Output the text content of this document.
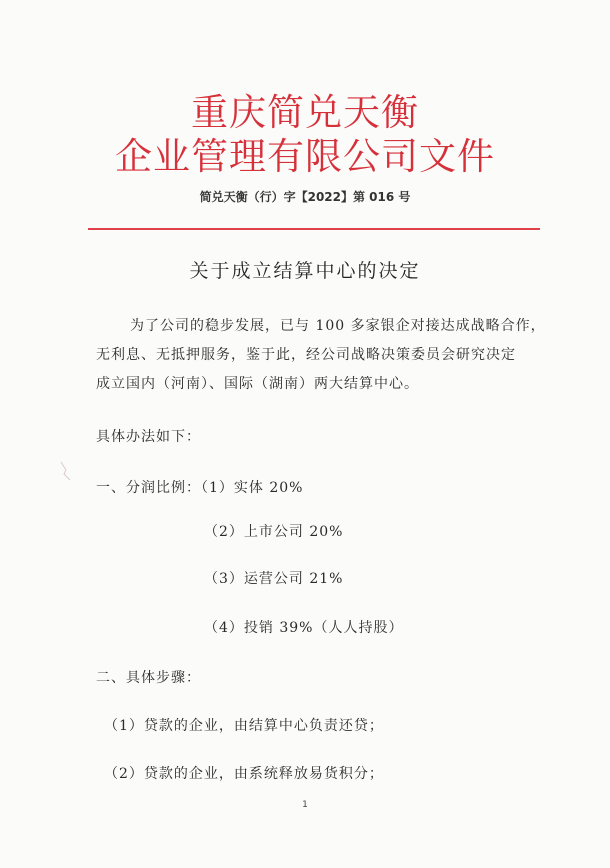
重庆简兑天衡
企业管理有限公司文件
简兑天衡（行）字【2022】第 016 号
关于成立结算中心的决定
为了公司的稳步发展，已与 100 多家银企对接达成战略合作，
无利息、无抵押服务，鉴于此，经公司战略决策委员会研究决定
成立国内（河南）、国际（湖南）两大结算中心。
具体办法如下：
一、分润比例：（1）实体 20%
（2）上市公司 20%
（3）运营公司 21%
（4）投销 39%（人人持股）
二、具体步骤：
（1）贷款的企业，由结算中心负责还贷；
（2）贷款的企业，由系统释放易货积分；
1
